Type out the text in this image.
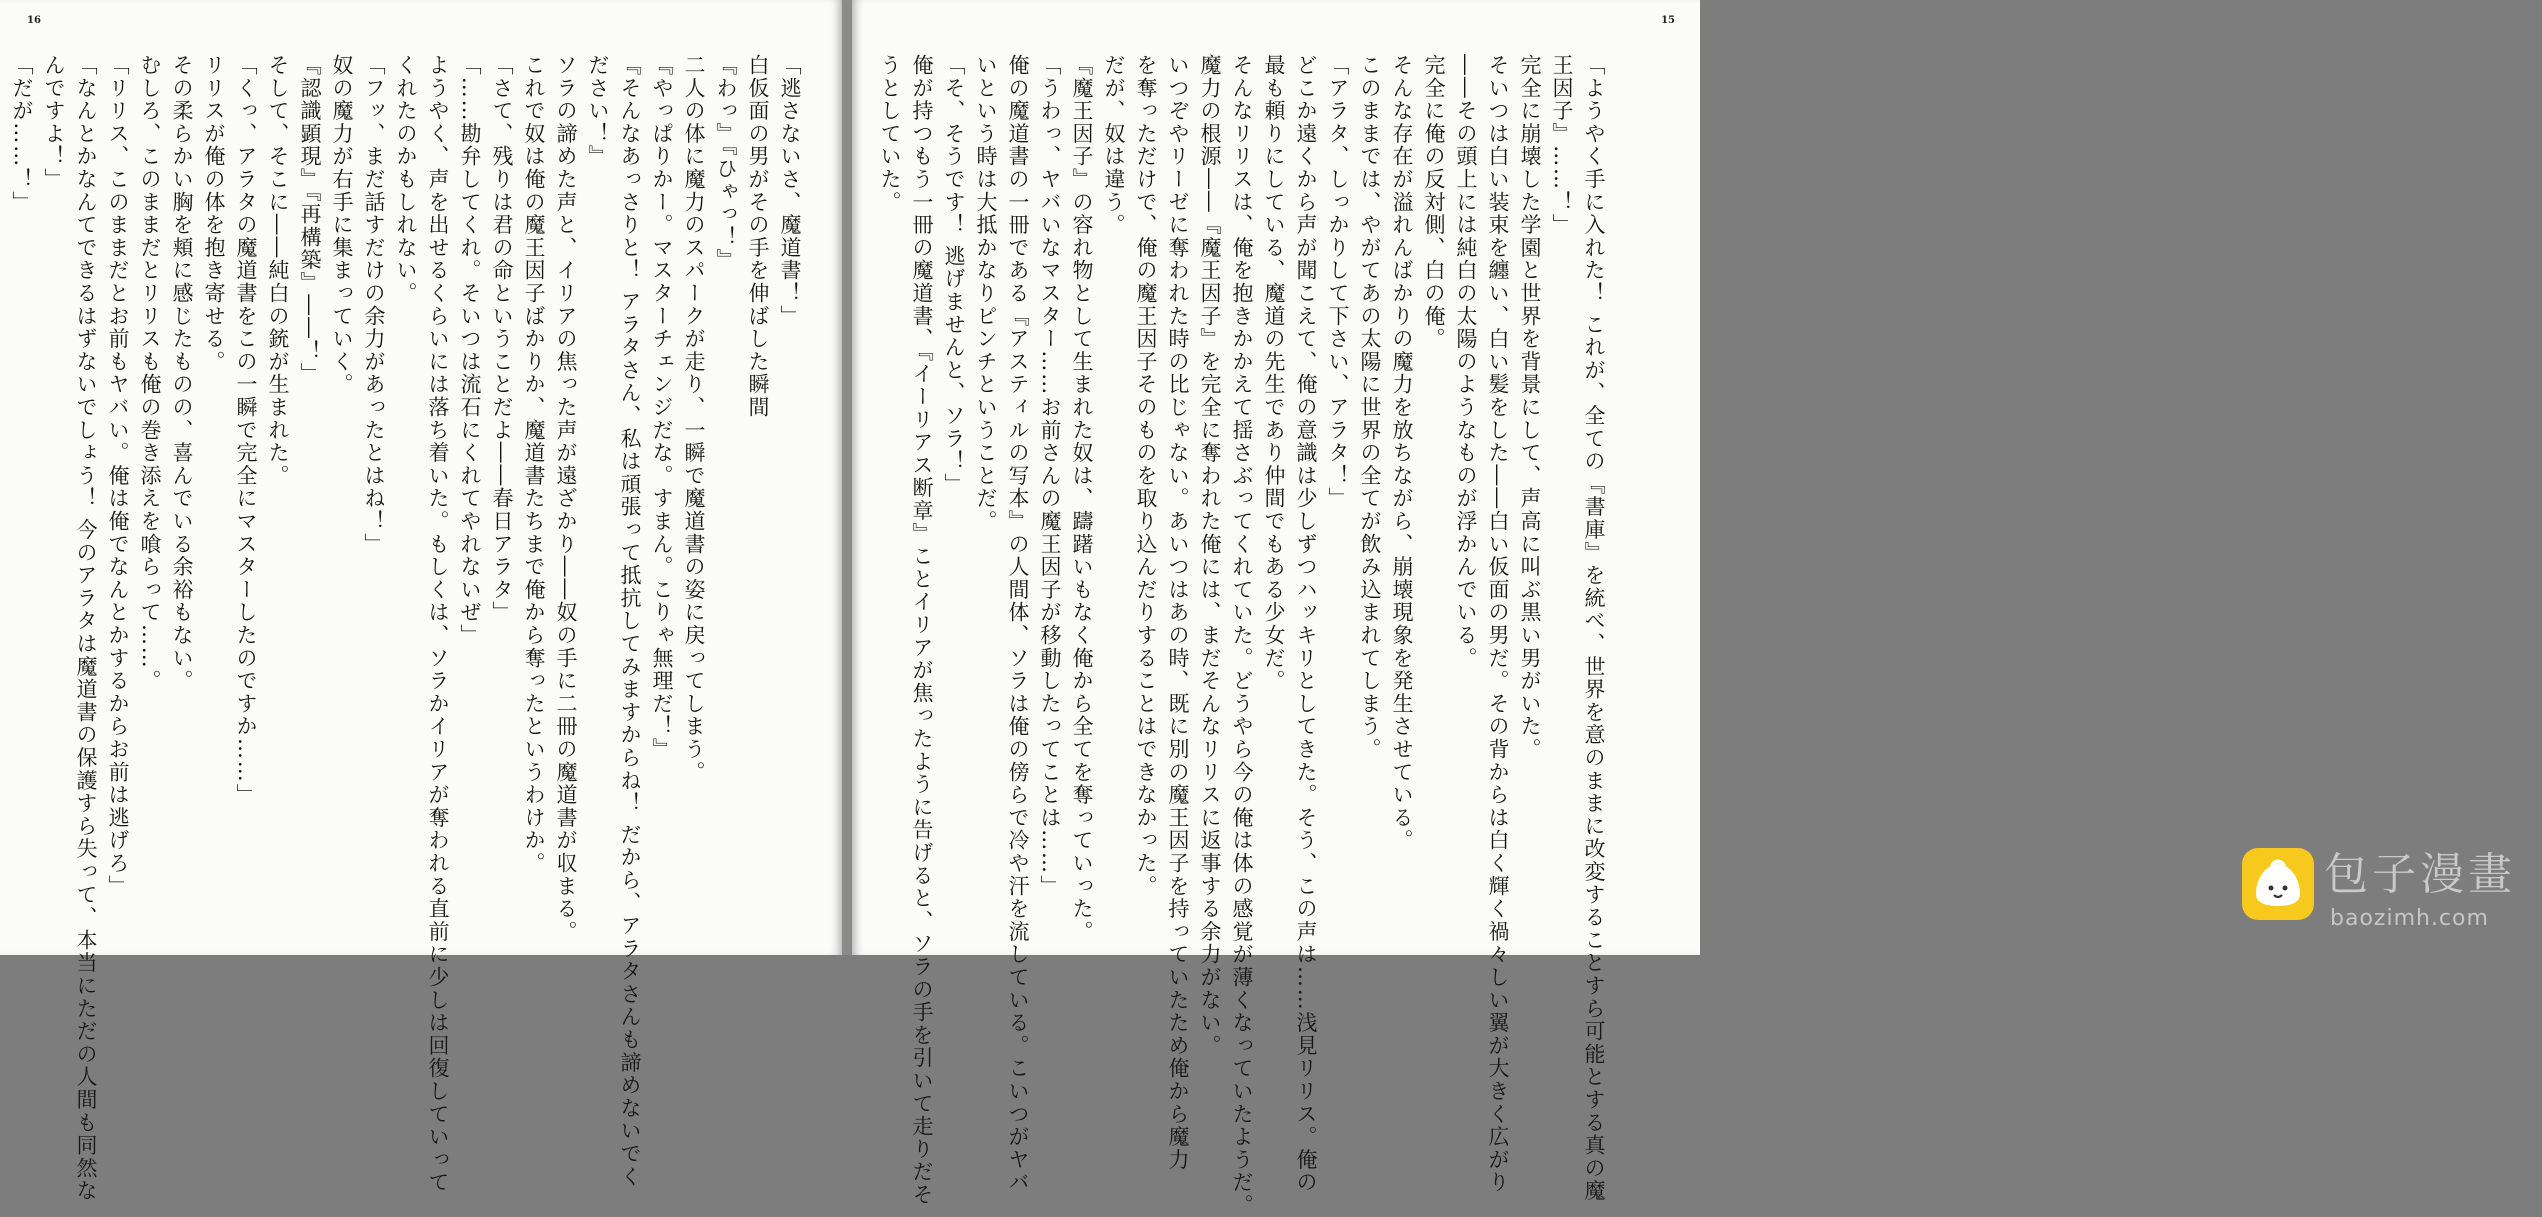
16
「逃さないさ、魔道書！」
白仮面の男がその手を伸ばした瞬間
『わっ』『ひゃっ！』
二人の体に魔力のスパークが走り、一瞬で魔道書の姿に戻ってしまう。
『やっぱりかー。マスターチェンジだな。すまん。こりゃ無理だ！』
『そんなあっさりと！ アラタさん、私は頑張って抵抗してみますからね！ だから、アラタさんも諦めないでく
ださい！』
ソラの諦めた声と、イリアの焦った声が遠ざかり――奴の手に二冊の魔道書が収まる。
これで奴は俺の魔王因子ばかりか、魔道書たちまで俺から奪ったというわけか。
「さて、残りは君の命ということだよ――春日アラタ」
「……勘弁してくれ。そいつは流石にくれてやれないぜ」
ようやく、声を出せるくらいには落ち着いた。もしくは、ソラかイリアが奪われる直前に少しは回復していって
くれたのかもしれない。
「フッ、まだ話すだけの余力があったとはね！」
奴の魔力が右手に集まっていく。
『認識顕現』『再構築』――！」
そして、そこに――純白の銃が生まれた。
「くっ、アラタの魔道書をこの一瞬で完全にマスターしたのですか……」
リリスが俺の体を抱き寄せる。
その柔らかい胸を頬に感じたものの、喜んでいる余裕もない。
むしろ、このままだとリリスも俺の巻き添えを喰らって……。
「リリス、このままだとお前もヤバい。俺は俺でなんとかするからお前は逃げろ」
「なんとかなんてできるはずないでしょう！ 今のアラタは魔道書の保護すら失って、本当にただの人間も同然な
んですよ！」
「だが……！」
15
「ようやく手に入れた！ これが、全ての『書庫』を統べ、世界を意のままに改変することすら可能とする真の魔
王因子』……！」
完全に崩壊した学園と世界を背景にして、声高に叫ぶ黒い男がいた。
そいつは白い装束を纏い、白い髪をした――白い仮面の男だ。その背からは白く輝く禍々しい翼が大きく広がり
――その頭上には純白の太陽のようなものが浮かんでいる。
完全に俺の反対側、白の俺。
そんな存在が溢れんばかりの魔力を放ちながら、崩壊現象を発生させている。
このままでは、やがてあの太陽に世界の全てが飲み込まれてしまう。
「アラタ、しっかりして下さい、アラタ！」
どこか遠くから声が聞こえて、俺の意識は少しずつハッキリとしてきた。そう、この声は……浅見リリス。俺の
最も頼りにしている、魔道の先生であり仲間でもある少女だ。
そんなリリスは、俺を抱きかかえて揺さぶってくれていた。どうやら今の俺は体の感覚が薄くなっていたようだ。
魔力の根源――『魔王因子』を完全に奪われた俺には、まだそんなリリスに返事する余力がない。
いつぞやリーゼに奪われた時の比じゃない。あいつはあの時、既に別の魔王因子を持っていたため俺から魔力
を奪っただけで、俺の魔王因子そのものを取り込んだりすることはできなかった。
だが、奴は違う。
『魔王因子』の容れ物として生まれた奴は、躊躇いもなく俺から全てを奪っていった。
「うわっ、ヤバいなマスター……お前さんの魔王因子が移動したってことは……」
俺の魔道書の一冊である『アスティルの写本』の人間体、ソラは俺の傍らで冷や汗を流している。こいつがヤバ
いという時は大抵かなりピンチということだ。
「そ、そうです！ 逃げませんと、ソラ！」
俺が持つもう一冊の魔道書、『イーリアス断章』ことイリアが焦ったように告げると、ソラの手を引いて走りだそ
うとしていた。
包子漫畫
baozimh.com
